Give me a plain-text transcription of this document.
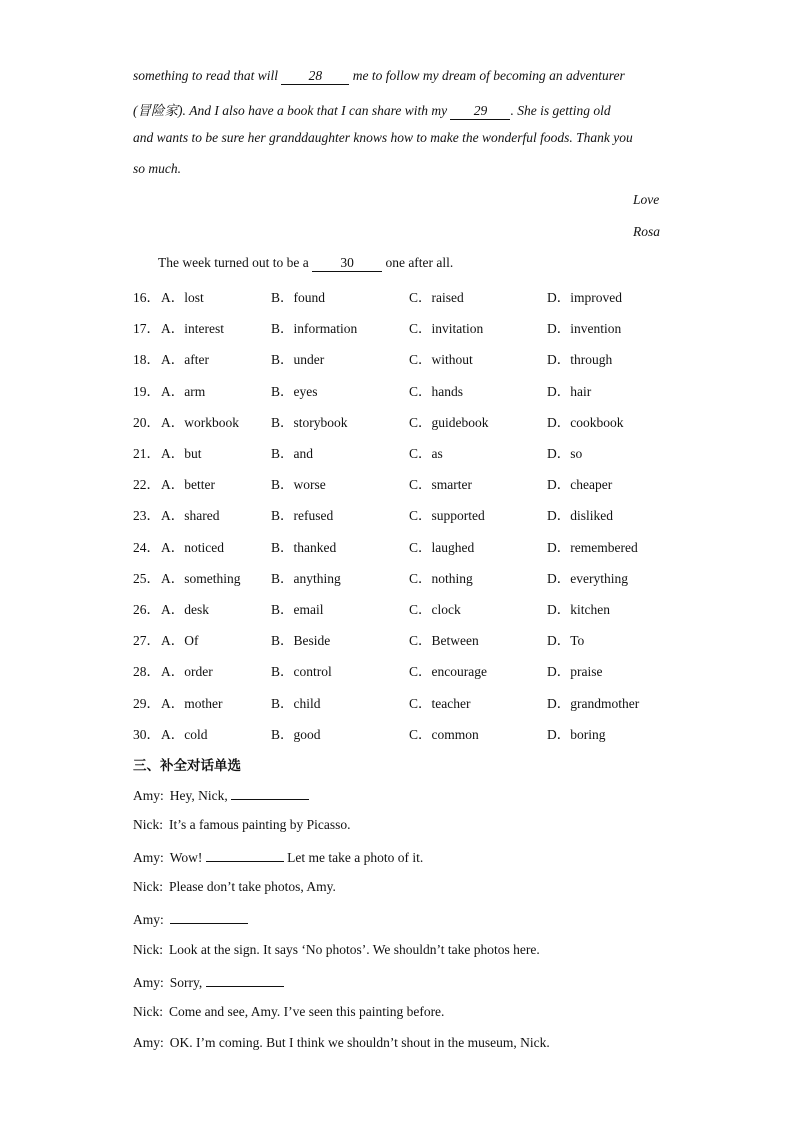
something to read that will 28 me to follow my dream of becoming an adventurer
(冒险家). And I also have a book that I can share with my 29 . She is getting old
and wants to be sure her granddaughter knows how to make the wonderful foods. Thank you
so much.
Love
Rosa
The week turned out to be a 30 one after all.
16． A．lost	B．found	C．raised	D．improved
17． A．interest	B．information	C．invitation	D．invention
18． A．after	B．under	C．without	D．through
19． A．arm	B．eyes	C．hands	D．hair
20． A．workbook B．storybook	C．guidebook	D．cookbook
21． A．but	B．and	C．as	D．so
22． A．better	B．worse	C．smarter	D．cheaper
23． A．shared	B．refused	C．supported	D．disliked
24． A．noticed	B．thanked	C．laughed	D．remembered
25． A．something B．anything	C．nothing	D．everything
26． A．desk	B．email	C．clock	D．kitchen
27． A．Of	B．Beside	C．Between	D．To
28． A．order	B．control	C．encourage	D．praise
29． A．mother	B．child	C．teacher	D．grandmother
30． A．cold	B．good	C．common	D．boring
三、补全对话单选
Amy: Hey, Nick,
Nick: It’s a famous painting by Picasso.
Amy: Wow!	Let me take a photo of it.
Nick: Please don’t take photos, Amy.
Amy:
Nick: Look at the sign. It says ‘No photos’. We shouldn’t take photos here.
Amy: Sorry,
Nick: Come and see, Amy. I’ve seen this painting before.
Amy: OK. I’m coming. But I think we shouldn’t shout in the museum, Nick.
